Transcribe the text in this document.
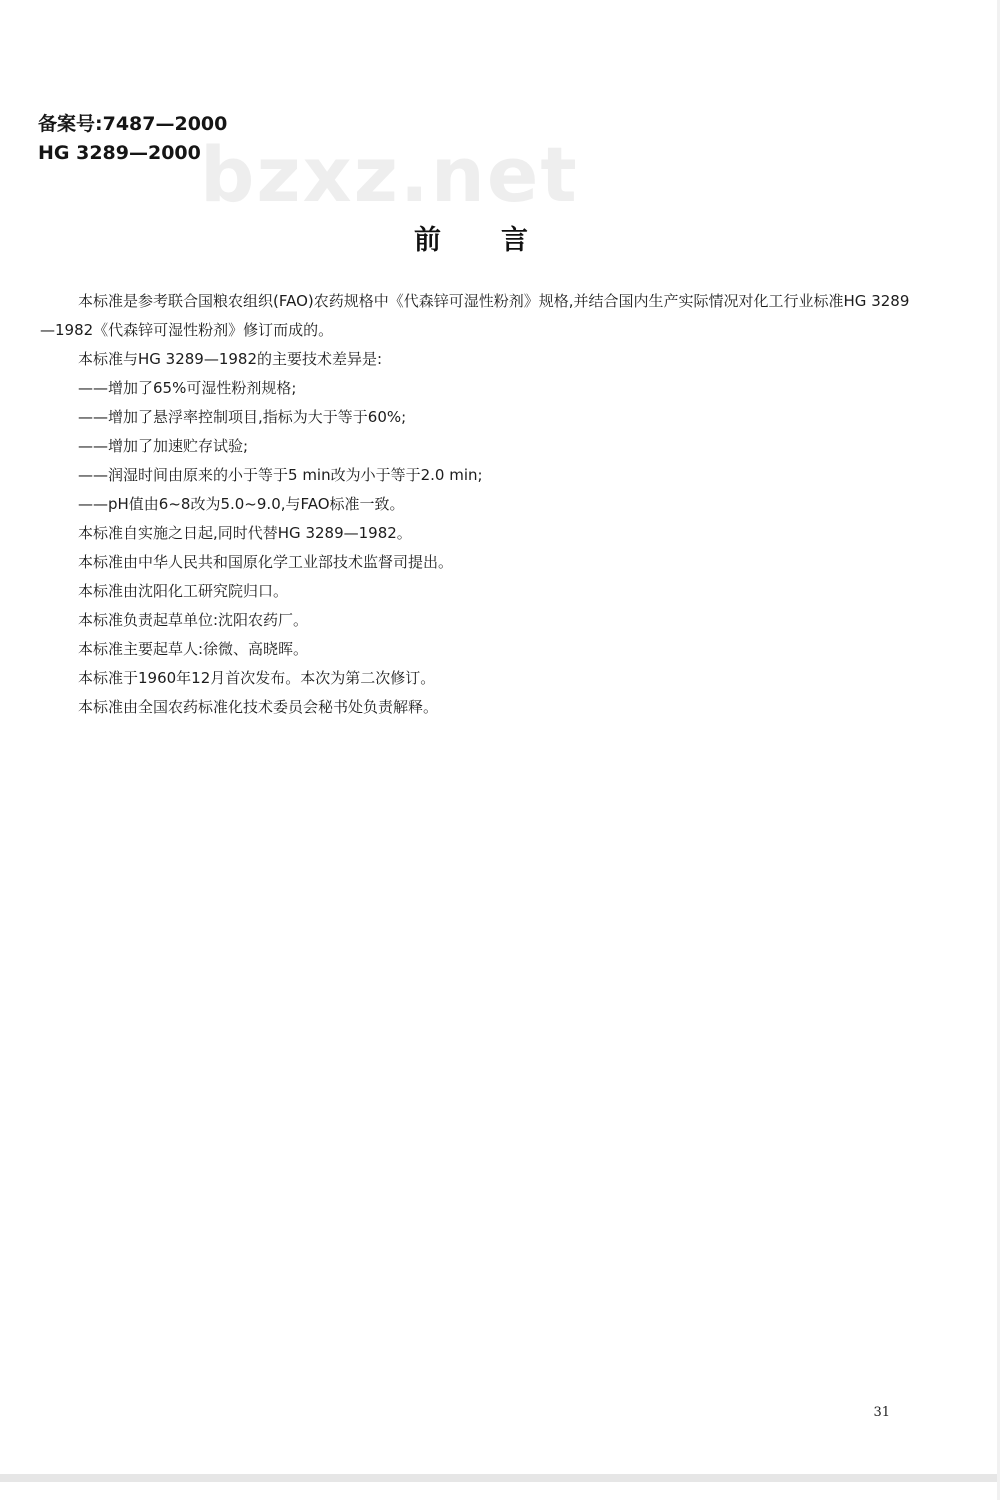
备案号:7487—2000
HG 3289—2000 bzxz.net
前言

本标准是参考联合国粮农组织(FAO)农药规格中《代森锌可湿性粉剂》规格,并结合国内生产实际情况对化工行业标准HG 3289—1982《代森锌可湿性粉剂》修订而成的。

本标准与HG 3289—1982的主要技术差异是:

——增加了65%可湿性粉剂规格;

——增加了悬浮率控制项目,指标为大于等于60%;

——增加了加速贮存试验;

——润湿时间由原来的小于等于5 min改为小于等于2.0 min;

——pH值由6~8改为5.0~9.0,与FAO标准一致。

本标准自实施之日起,同时代替HG 3289—1982。

本标准由中华人民共和国原化学工业部技术监督司提出。

本标准由沈阳化工研究院归口。

本标准负责起草单位:沈阳农药厂。

本标准主要起草人:徐微、高晓晖。

本标准于1960年12月首次发布。本次为第二次修订。

本标准由全国农药标准化技术委员会秘书处负责解释。

31
